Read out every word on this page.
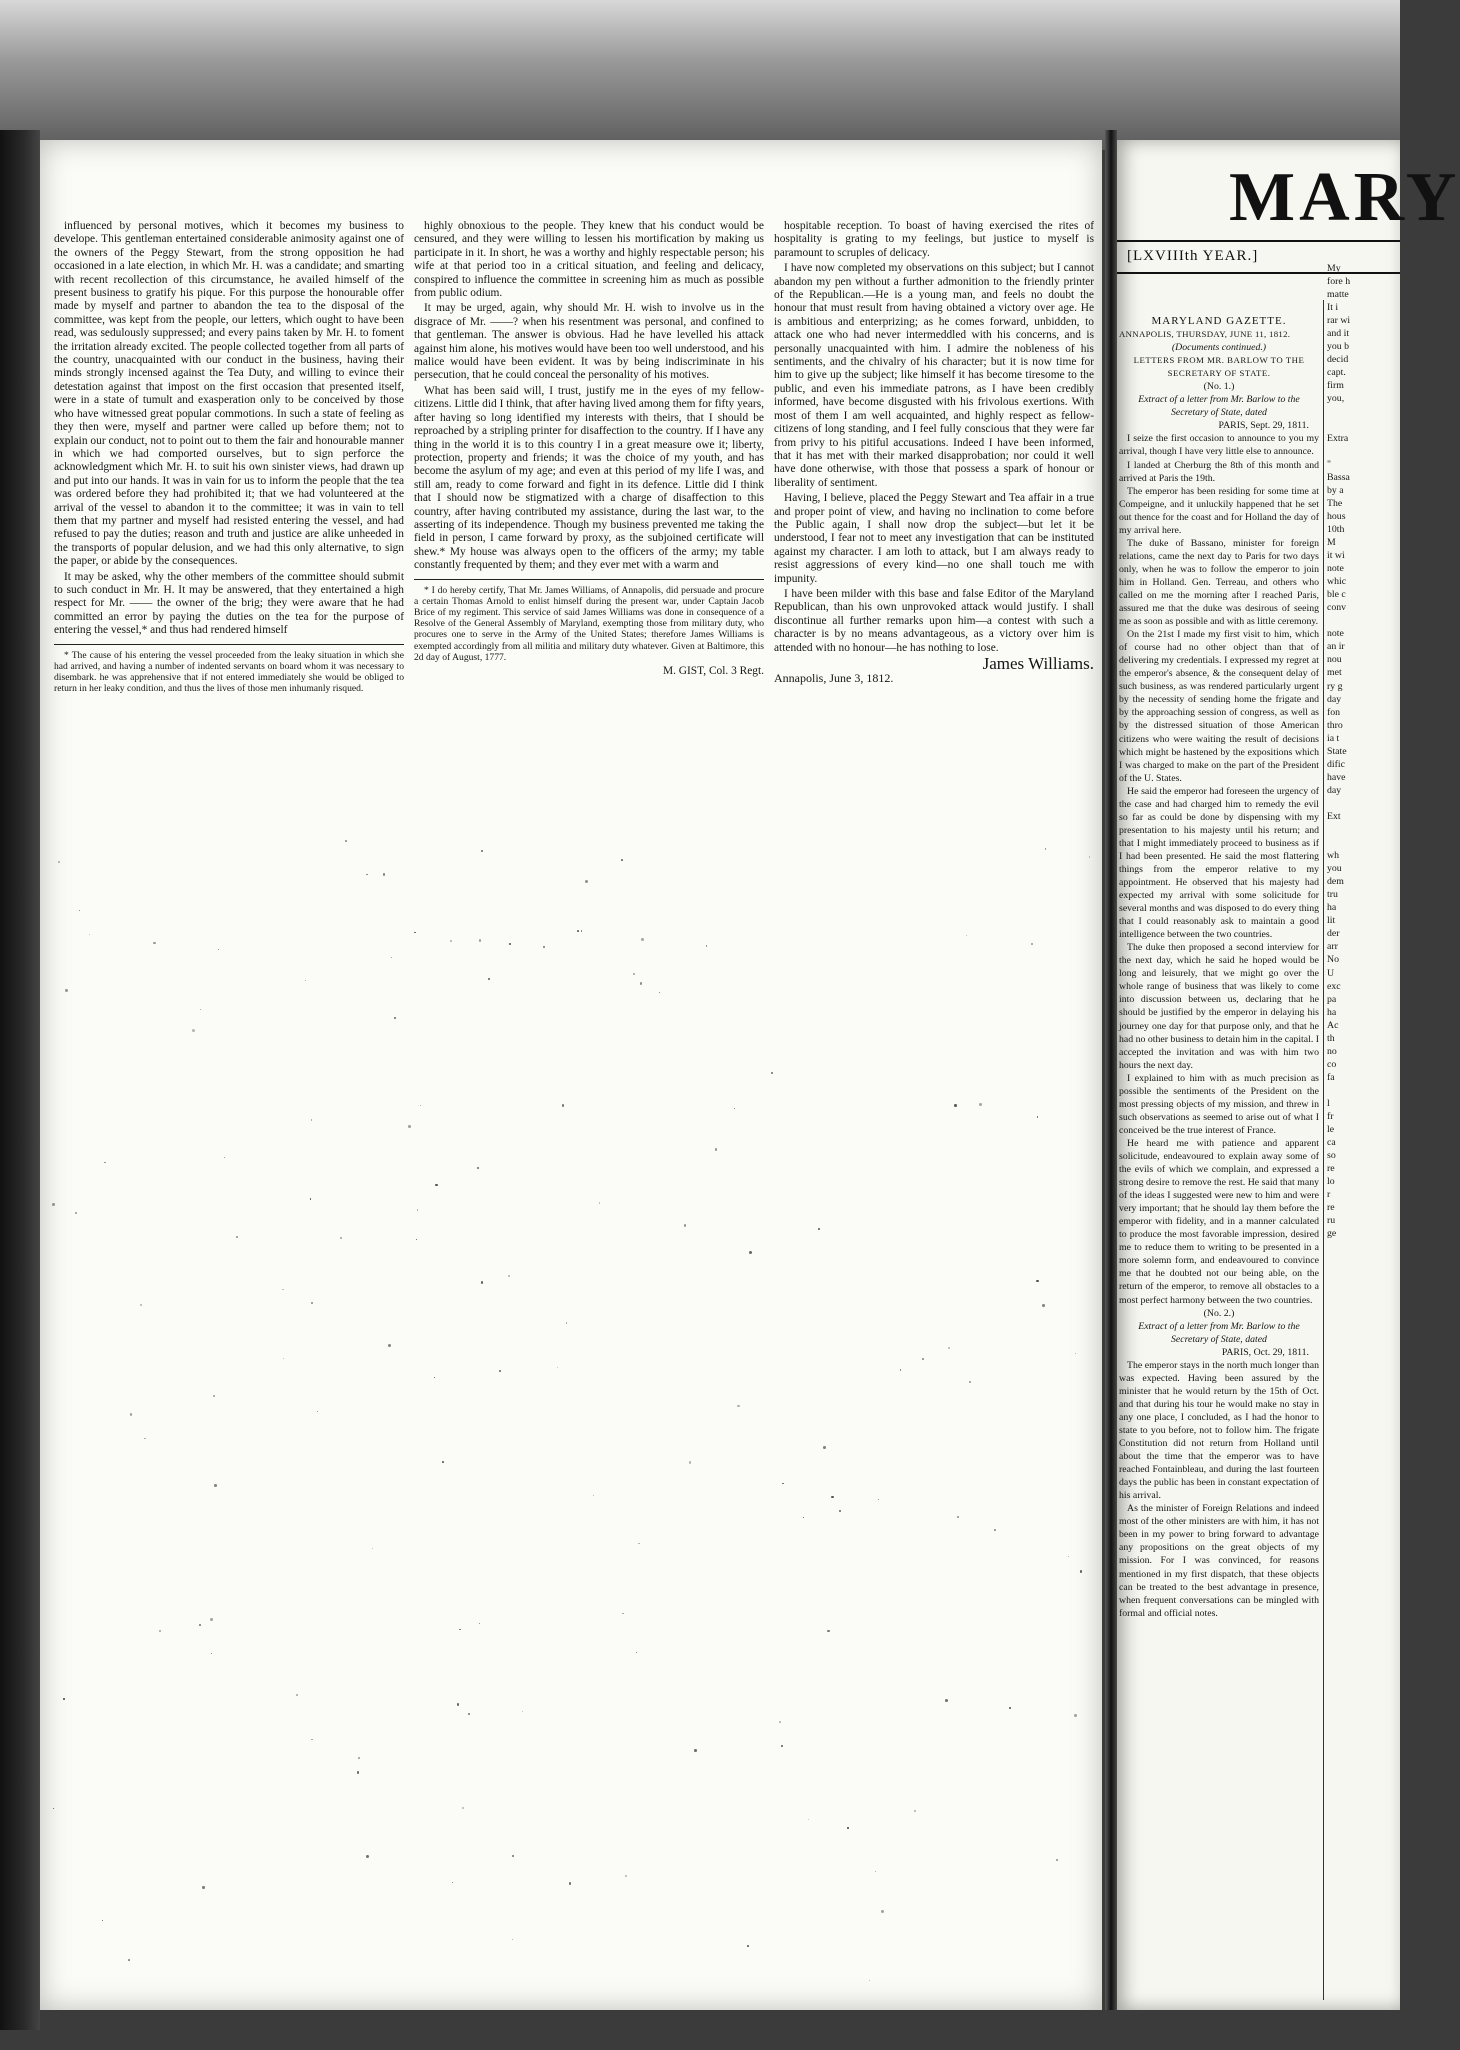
influenced by personal motives, which it becomes my business to develope. This gentleman entertained considerable animosity against one of the owners of the Peggy Stewart, from the strong opposition he had occasioned in a late election, in which Mr. H. was a candidate; and smarting with recent recollection of this circumstance, he availed himself of the present business to gratify his pique. For this purpose the honourable offer made by myself and partner to abandon the tea to the disposal of the committee, was kept from the people, our letters, which ought to have been read, was sedulously suppressed; and every pains taken by Mr. H. to foment the irritation already excited. The people collected together from all parts of the country, unacquainted with our conduct in the business, having their minds strongly incensed against the Tea Duty, and willing to evince their detestation against that impost on the first occasion that presented itself, were in a state of tumult and exasperation only to be conceived by those who have witnessed great popular commotions. In such a state of feeling as they then were, myself and partner were called up before them; not to explain our conduct, not to point out to them the fair and honourable manner in which we had comported ourselves, but to sign perforce the acknowledgment which Mr. H. to suit his own sinister views, had drawn up and put into our hands. It was in vain for us to inform the people that the tea was ordered before they had prohibited it; that we had volunteered at the arrival of the vessel to abandon it to the committee; it was in vain to tell them that my partner and myself had resisted entering the vessel, and had refused to pay the duties; reason and truth and justice are alike unheeded in the transports of popular delusion, and we had this only alternative, to sign the paper, or abide by the consequences.

It may be asked, why the other members of the committee should submit to such conduct in Mr. H. It may be answered, that they entertained a high respect for Mr. —— the owner of the brig; they were aware that he had committed an error by paying the duties on the tea for the purpose of entering the vessel,* and thus had rendered himself

* The cause of his entering the vessel proceeded from the leaky situation in which she had arrived, and having a number of indented servants on board whom it was necessary to disembark. he was apprehensive that if not entered immediately she would be obliged to return in her leaky condition, and thus the lives of those men inhumanly risqued.

highly obnoxious to the people. They knew that his conduct would be censured, and they were willing to lessen his mortification by making us participate in it. In short, he was a worthy and highly respectable person; his wife at that period too in a critical situation, and feeling and delicacy, conspired to influence the committee in screening him as much as possible from public odium.

It may be urged, again, why should Mr. H. wish to involve us in the disgrace of Mr. ——? when his resentment was personal, and confined to that gentleman. The answer is obvious. Had he have levelled his attack against him alone, his motives would have been too well understood, and his malice would have been evident. It was by being indiscriminate in his persecution, that he could conceal the personality of his motives.

What has been said will, I trust, justify me in the eyes of my fellow-citizens. Little did I think, that after having lived among them for fifty years, after having so long identified my interests with theirs, that I should be reproached by a stripling printer for disaffection to the country. If I have any thing in the world it is to this country I in a great measure owe it; liberty, protection, property and friends; it was the choice of my youth, and has become the asylum of my age; and even at this period of my life I was, and still am, ready to come forward and fight in its defence. Little did I think that I should now be stigmatized with a charge of disaffection to this country, after having contributed my assistance, during the last war, to the asserting of its independence. Though my business prevented me taking the field in person, I came forward by proxy, as the subjoined certificate will shew.* My house was always open to the officers of the army; my table constantly frequented by them; and they ever met with a warm and

* I do hereby certify, That Mr. James Williams, of Annapolis, did persuade and procure a certain Thomas Arnold to enlist himself during the present war, under Captain Jacob Brice of my regiment. This service of said James Williams was done in consequence of a Resolve of the General Assembly of Maryland, exempting those from military duty, who procures one to serve in the Army of the United States; therefore James Williams is exempted accordingly from all militia and military duty whatever. Given at Baltimore, this 2d day of August, 1777.

M. GIST, Col. 3 Regt.

hospitable reception. To boast of having exercised the rites of hospitality is grating to my feelings, but justice to myself is paramount to scruples of delicacy.

I have now completed my observations on this subject; but I cannot abandon my pen without a further admonition to the friendly printer of the Republican.—He is a young man, and feels no doubt the honour that must result from having obtained a victory over age. He is ambitious and enterprizing; as he comes forward, unbidden, to attack one who had never intermeddled with his concerns, and is personally unacquainted with him. I admire the nobleness of his sentiments, and the chivalry of his character; but it is now time for him to give up the subject; like himself it has become tiresome to the public, and even his immediate patrons, as I have been credibly informed, have become disgusted with his frivolous exertions. With most of them I am well acquainted, and highly respect as fellow-citizens of long standing, and I feel fully conscious that they were far from privy to his pitiful accusations. Indeed I have been informed, that it has met with their marked disapprobation; nor could it well have done otherwise, with those that possess a spark of honour or liberality of sentiment.

Having, I believe, placed the Peggy Stewart and Tea affair in a true and proper point of view, and having no inclination to come before the Public again, I shall now drop the subject—but let it be understood, I fear not to meet any investigation that can be instituted against my character. I am loth to attack, but I am always ready to resist aggressions of every kind—no one shall touch me with impunity.

I have been milder with this base and false Editor of the Maryland Republican, than his own unprovoked attack would justify. I shall discontinue all further remarks upon him—a contest with such a character is by no means advantageous, as a victory over him is attended with no honour—he has nothing to lose.

James Williams.

Annapolis, June 3, 1812.

MARY
[LXVIIIth YEAR.]

MARYLAND GAZETTE.

ANNAPOLIS, THURSDAY, JUNE 11, 1812.

(Documents continued.)

LETTERS FROM MR. BARLOW TO THE SECRETARY OF STATE.

(No. 1.)

Extract of a letter from Mr. Barlow to the Secretary of State, dated

PARIS, Sept. 29, 1811.

I seize the first occasion to announce to you my arrival, though I have very little else to announce.

I landed at Cherburg the 8th of this month and arrived at Paris the 19th.

The emperor has been residing for some time at Compeigne, and it unluckily happened that he set out thence for the coast and for Holland the day of my arrival here.

The duke of Bassano, minister for foreign relations, came the next day to Paris for two days only, when he was to follow the emperor to join him in Holland. Gen. Terreau, and others who called on me the morning after I reached Paris, assured me that the duke was desirous of seeing me as soon as possible and with as little ceremony.

On the 21st I made my first visit to him, which of course had no other object than that of delivering my credentials. I expressed my regret at the emperor's absence, & the consequent delay of such business, as was rendered particularly urgent by the necessity of sending home the frigate and by the approaching session of congress, as well as by the distressed situation of those American citizens who were waiting the result of decisions which might be hastened by the expositions which I was charged to make on the part of the President of the U. States.

He said the emperor had foreseen the urgency of the case and had charged him to remedy the evil so far as could be done by dispensing with my presentation to his majesty until his return; and that I might immediately proceed to business as if I had been presented. He said the most flattering things from the emperor relative to my appointment. He observed that his majesty had expected my arrival with some solicitude for several months and was disposed to do every thing that I could reasonably ask to maintain a good intelligence between the two countries.

The duke then proposed a second interview for the next day, which he said he hoped would be long and leisurely, that we might go over the whole range of business that was likely to come into discussion between us, declaring that he should be justified by the emperor in delaying his journey one day for that purpose only, and that he had no other business to detain him in the capital. I accepted the invitation and was with him two hours the next day.

I explained to him with as much precision as possible the sentiments of the President on the most pressing objects of my mission, and threw in such observations as seemed to arise out of what I conceived be the true interest of France.

He heard me with patience and apparent solicitude, endeavoured to explain away some of the evils of which we complain, and expressed a strong desire to remove the rest. He said that many of the ideas I suggested were new to him and were very important; that he should lay them before the emperor with fidelity, and in a manner calculated to produce the most favorable impression, desired me to reduce them to writing to be presented in a more solemn form, and endeavoured to convince me that he doubted not our being able, on the return of the emperor, to remove all obstacles to a most perfect harmony between the two countries.

(No. 2.)

Extract of a letter from Mr. Barlow to the Secretary of State, dated

PARIS, Oct. 29, 1811.

The emperor stays in the north much longer than was expected. Having been assured by the minister that he would return by the 15th of Oct. and that during his tour he would make no stay in any one place, I concluded, as I had the honor to state to you before, not to follow him. The frigate Constitution did not return from Holland until about the time that the emperor was to have reached Fontainbleau, and during the last fourteen days the public has been in constant expectation of his arrival.

As the minister of Foreign Relations and indeed most of the other ministers are with him, it has not been in my power to bring forward to advantage any propositions on the great objects of my mission. For I was convinced, for reasons mentioned in my first dispatch, that these objects can be treated to the best advantage in presence, when frequent conversations can be mingled with formal and official notes.

My
fore h
matte
It i
rar wi
and it
you b
decid
capt.
firm
you,
Extra
"
Bassa
by a
The
hous
10th
M
it wi
note
whic
ble c
conv
note
an ir
nou
met
ry g
day
fon
thro
ia t
State
dific
have
day
Ext
wh
you
dem
tru
ha
lit
der
arr
No
U
exc
pa
ha
Ac
th
no
co
fa
l
fr
le
ca
so
re
lo
r
re
ru
ge
